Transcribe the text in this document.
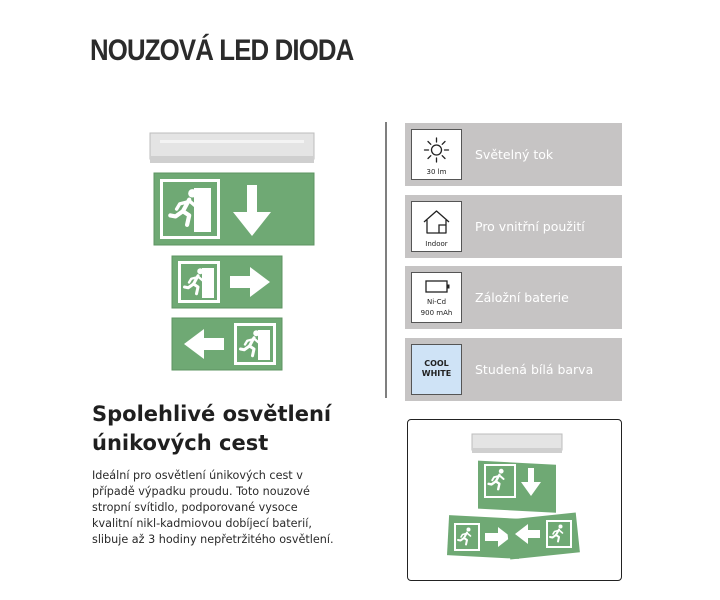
NOUZOVÁ LED DIODA
30 lm
Světelný tok
Indoor
Pro vnitřní použití
Ni-Cd
900 mAh
Záložní baterie
COOL
WHITE	Studená bílá barva
Spolehlivé osvětlení
únikových cest
Ideální pro osvětlení únikových cest v
případě výpadku proudu. Toto nouzové
stropní svítidlo, podporované vysoce
kvalitní nikl-kadmiovou dobíjecí baterií,
slibuje až 3 hodiny nepřetržitého osvětlení.
